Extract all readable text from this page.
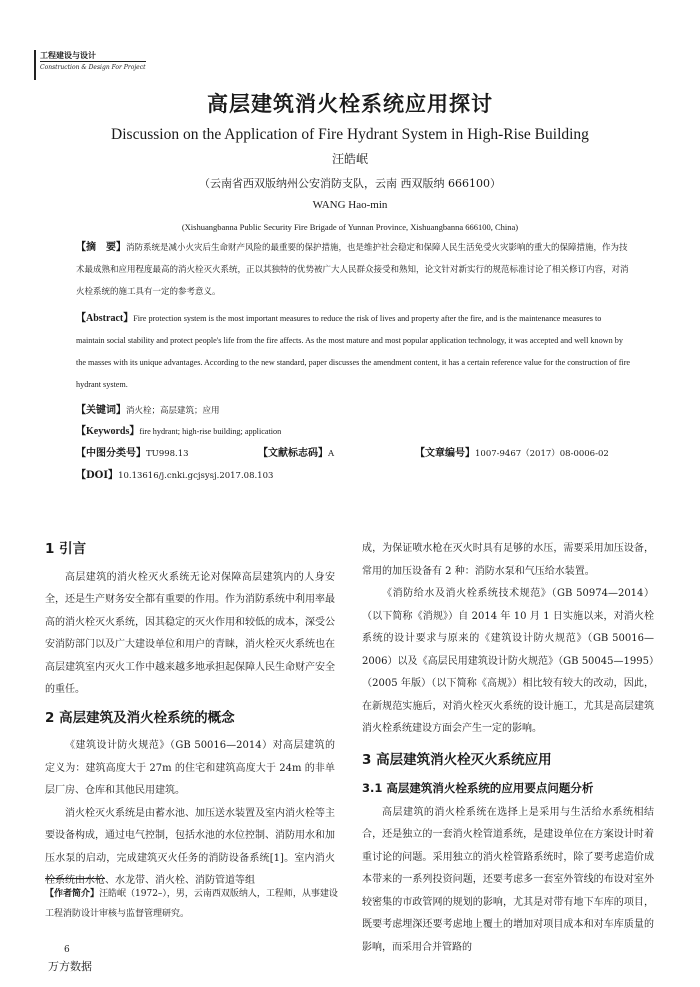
工程建设与设计
Construction & Design For Project
高层建筑消火栓系统应用探讨
Discussion on the Application of Fire Hydrant System in High-Rise Building
汪皓岷
（云南省西双版纳州公安消防支队，云南 西双版纳 666100）
WANG Hao-min
(Xishuangbanna Public Security Fire Brigade of Yunnan Province, Xishuangbanna 666100, China)
【摘　要】消防系统是减小火灾后生命财产风险的最重要的保护措施，也是维护社会稳定和保障人民生活免受火灾影响的重大的保障措施，作为技术最成熟和应用程度最高的消火栓灭火系统，正以其独特的优势被广大人民群众接受和熟知，论文针对新实行的规范标准讨论了相关修订内容，对消火栓系统的施工具有一定的参考意义。
【Abstract】Fire protection system is the most important measures to reduce the risk of lives and property after the fire, and is the maintenance measures to maintain social stability and protect people's life from the fire affects. As the most mature and most popular application technology, it was accepted and well known by the masses with its unique advantages. According to the new standard, paper discusses the amendment content, it has a certain reference value for the construction of fire hydrant system.
【关键词】消火栓；高层建筑；应用
【Keywords】fire hydrant; high-rise building; application
【中图分类号】TU998.13	【文献标志码】A	【文章编号】1007-9467（2017）08-0006-02
【DOI】10.13616/j.cnki.gcjsysj.2017.08.103
1 引言

高层建筑的消火栓灭火系统无论对保障高层建筑内的人身安全，还是生产财务安全都有重要的作用。作为消防系统中利用率最高的消火栓灭火系统，因其稳定的灭火作用和较低的成本，深受公安消防部门以及广大建设单位和用户的青睐，消火栓灭火系统也在高层建筑室内灭火工作中越来越多地承担起保障人民生命财产安全的重任。

2 高层建筑及消火栓系统的概念

《建筑设计防火规范》（GB 50016—2014）对高层建筑的定义为：建筑高度大于 27m 的住宅和建筑高度大于 24m 的非单层厂房、仓库和其他民用建筑。

消火栓灭火系统是由蓄水池、加压送水装置及室内消火栓等主要设备构成，通过电气控制，包括水池的水位控制、消防用水和加压水泵的启动，完成建筑灭火任务的消防设备系统[1]。室内消火栓系统由水枪、水龙带、消火栓、消防管道等组

【作者简介】汪皓岷（1972–），男，云南西双版纳人，工程师，从事建设工程消防设计审核与监督管理研究。

成，为保证喷水枪在灭火时具有足够的水压，需要采用加压设备，常用的加压设备有 2 种：消防水泵和气压给水装置。

《消防给水及消火栓系统技术规范》（GB 50974—2014）（以下简称《消规》）自 2014 年 10 月 1 日实施以来，对消火栓系统的设计要求与原来的《建筑设计防火规范》（GB 50016—2006）以及《高层民用建筑设计防火规范》（GB 50045—1995）（2005 年版）（以下简称《高规》）相比较有较大的改动，因此，在新规范实施后，对消火栓灭火系统的设计施工，尤其是高层建筑消火栓系统建设方面会产生一定的影响。

3 高层建筑消火栓灭火系统应用
3.1 高层建筑消火栓系统的应用要点问题分析

高层建筑的消火栓系统在选择上是采用与生活给水系统相结合，还是独立的一套消火栓管道系统，是建设单位在方案设计时着重讨论的问题。采用独立的消火栓管路系统时，除了要考虑造价成本带来的一系列投资问题，还要考虑多一套室外管线的布设对室外较密集的市政管网的规划的影响，尤其是对带有地下车库的项目，既要考虑埋深还要考虑地上覆土的增加对项目成本和对车库质量的影响，而采用合并管路的

6
万方数据
